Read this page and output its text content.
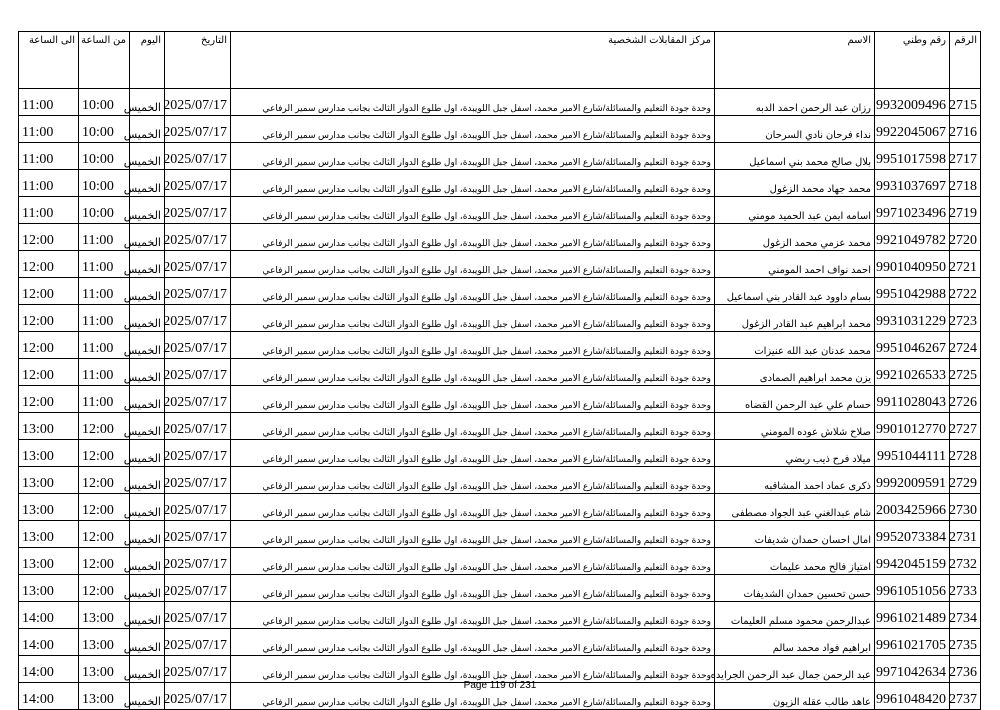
الرقم	رقم وطني	الاسم	مركز المقابلات الشخصية	التاريخ	اليوم	من الساعة	الى الساعة
2715	9932009496	رزان عبد الرحمن احمد الدبه	وحدة جودة التعليم والمسائلة/شارع الامير محمد، اسفل جبل اللويبدة، اول طلوع الدوار الثالث بجانب مدارس سمير الرفاعي	2025/07/17	الخميس	10:00	11:00
2716	9922045067	نداء فرحان نادي السرحان	وحدة جودة التعليم والمسائلة/شارع الامير محمد، اسفل جبل اللويبدة، اول طلوع الدوار الثالث بجانب مدارس سمير الرفاعي	2025/07/17	الخميس	10:00	11:00
2717	9951017598	بلال صالح محمد بني اسماعيل	وحدة جودة التعليم والمسائلة/شارع الامير محمد، اسفل جبل اللويبدة، اول طلوع الدوار الثالث بجانب مدارس سمير الرفاعي	2025/07/17	الخميس	10:00	11:00
2718	9931037697	محمد جهاد محمد الزغول	وحدة جودة التعليم والمسائلة/شارع الامير محمد، اسفل جبل اللويبدة، اول طلوع الدوار الثالث بجانب مدارس سمير الرفاعي	2025/07/17	الخميس	10:00	11:00
2719	9971023496	اسامه ايمن عبد الحميد مومني	وحدة جودة التعليم والمسائلة/شارع الامير محمد، اسفل جبل اللويبدة، اول طلوع الدوار الثالث بجانب مدارس سمير الرفاعي	2025/07/17	الخميس	10:00	11:00
2720	9921049782	محمد عزمي محمد الزغول	وحدة جودة التعليم والمسائلة/شارع الامير محمد، اسفل جبل اللويبدة، اول طلوع الدوار الثالث بجانب مدارس سمير الرفاعي	2025/07/17	الخميس	11:00	12:00
2721	9901040950	احمد نواف احمد المومني	وحدة جودة التعليم والمسائلة/شارع الامير محمد، اسفل جبل اللويبدة، اول طلوع الدوار الثالث بجانب مدارس سمير الرفاعي	2025/07/17	الخميس	11:00	12:00
2722	9951042988	بسام داوود عبد القادر بني اسماعيل	وحدة جودة التعليم والمسائلة/شارع الامير محمد، اسفل جبل اللويبدة، اول طلوع الدوار الثالث بجانب مدارس سمير الرفاعي	2025/07/17	الخميس	11:00	12:00
2723	9931031229	محمد ابراهيم عبد القادر الزغول	وحدة جودة التعليم والمسائلة/شارع الامير محمد، اسفل جبل اللويبدة، اول طلوع الدوار الثالث بجانب مدارس سمير الرفاعي	2025/07/17	الخميس	11:00	12:00
2724	9951046267	محمد عدنان عبد الله عنيزات	وحدة جودة التعليم والمسائلة/شارع الامير محمد، اسفل جبل اللويبدة، اول طلوع الدوار الثالث بجانب مدارس سمير الرفاعي	2025/07/17	الخميس	11:00	12:00
2725	9921026533	يزن محمد ابراهيم الصمادى	وحدة جودة التعليم والمسائلة/شارع الامير محمد، اسفل جبل اللويبدة، اول طلوع الدوار الثالث بجانب مدارس سمير الرفاعي	2025/07/17	الخميس	11:00	12:00
2726	9911028043	حسام علي عبد الرحمن القضاه	وحدة جودة التعليم والمسائلة/شارع الامير محمد، اسفل جبل اللويبدة، اول طلوع الدوار الثالث بجانب مدارس سمير الرفاعي	2025/07/17	الخميس	11:00	12:00
2727	9901012770	صلاح شلاش عوده المومني	وحدة جودة التعليم والمسائلة/شارع الامير محمد، اسفل جبل اللويبدة، اول طلوع الدوار الثالث بجانب مدارس سمير الرفاعي	2025/07/17	الخميس	12:00	13:00
2728	9951044111	ميلاد فرح ذيب ربضي	وحدة جودة التعليم والمسائلة/شارع الامير محمد، اسفل جبل اللويبدة، اول طلوع الدوار الثالث بجانب مدارس سمير الرفاعي	2025/07/17	الخميس	12:00	13:00
2729	9992009591	ذكرى عماد احمد المشاقبه	وحدة جودة التعليم والمسائلة/شارع الامير محمد، اسفل جبل اللويبدة، اول طلوع الدوار الثالث بجانب مدارس سمير الرفاعي	2025/07/17	الخميس	12:00	13:00
2730	2003425966	شام عبدالغني عبد الجواد مصطفى	وحدة جودة التعليم والمسائلة/شارع الامير محمد، اسفل جبل اللويبدة، اول طلوع الدوار الثالث بجانب مدارس سمير الرفاعي	2025/07/17	الخميس	12:00	13:00
2731	9952073384	امال احسان حمدان شديفات	وحدة جودة التعليم والمسائلة/شارع الامير محمد، اسفل جبل اللويبدة، اول طلوع الدوار الثالث بجانب مدارس سمير الرفاعي	2025/07/17	الخميس	12:00	13:00
2732	9942045159	امتياز فالح محمد عليمات	وحدة جودة التعليم والمسائلة/شارع الامير محمد، اسفل جبل اللويبدة، اول طلوع الدوار الثالث بجانب مدارس سمير الرفاعي	2025/07/17	الخميس	12:00	13:00
2733	9961051056	حسن تحسين حمدان الشديفات	وحدة جودة التعليم والمسائلة/شارع الامير محمد، اسفل جبل اللويبدة، اول طلوع الدوار الثالث بجانب مدارس سمير الرفاعي	2025/07/17	الخميس	12:00	13:00
2734	9961021489	عبدالرحمن محمود مسلم العليمات	وحدة جودة التعليم والمسائلة/شارع الامير محمد، اسفل جبل اللويبدة، اول طلوع الدوار الثالث بجانب مدارس سمير الرفاعي	2025/07/17	الخميس	13:00	14:00
2735	9961021705	ابراهيم فواد محمد سالم	وحدة جودة التعليم والمسائلة/شارع الامير محمد، اسفل جبل اللويبدة، اول طلوع الدوار الثالث بجانب مدارس سمير الرفاعي	2025/07/17	الخميس	13:00	14:00
2736	9971042634	عبد الرحمن جمال عبد الرحمن الجرايده	وحدة جودة التعليم والمسائلة/شارع الامير محمد، اسفل جبل اللويبدة، اول طلوع الدوار الثالث بجانب مدارس سمير الرفاعي	2025/07/17	الخميس	13:00	14:00
2737	9961048420	عاهد طالب عقله الزيون	وحدة جودة التعليم والمسائلة/شارع الامير محمد، اسفل جبل اللويبدة، اول طلوع الدوار الثالث بجانب مدارس سمير الرفاعي	2025/07/17	الخميس	13:00	14:00
Page 119 of 231
